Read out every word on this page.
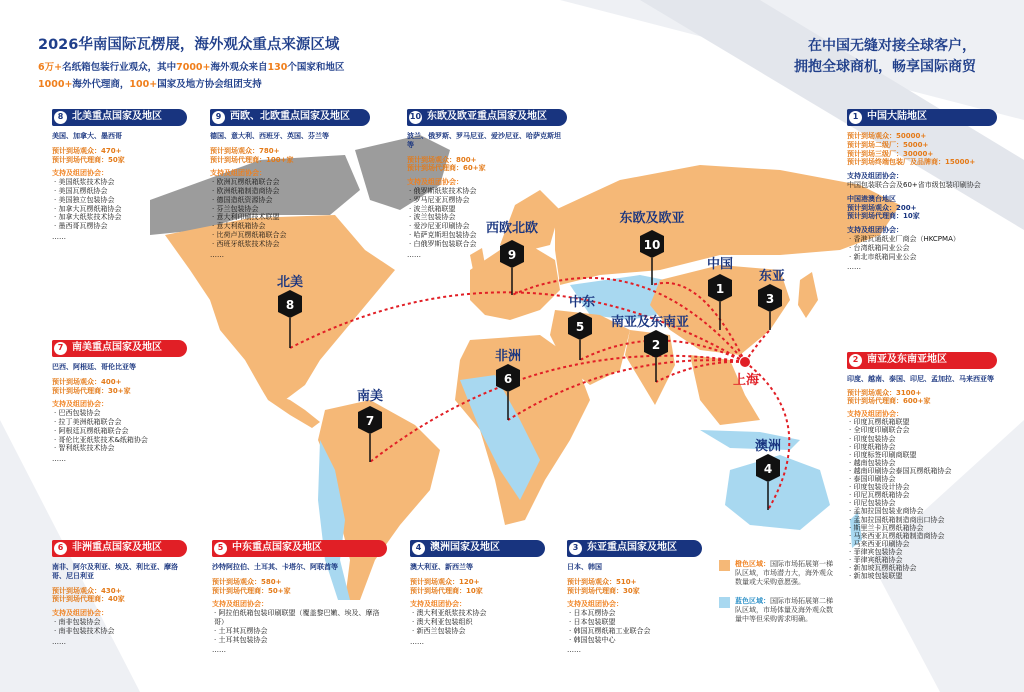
8
9
10
1
3
5
2
6
7
4
北美
西欧北欧
东欧及欧亚
中国
东亚
中东
南亚及东南亚
非洲
南美
澳洲
上海
2026华南国际瓦楞展，海外观众重点来源区域
6万+名纸箱包装行业观众，其中7000+海外观众来自130个国家和地区
1000+海外代理商，100+国家及地方协会组团支持
在中国无缝对接全球客户，
拥抱全球商机，畅享国际商贸
8 北美重点国家及地区
美国、加拿大、墨西哥
预计到场观众：470+
预计到场代理商：50家
支持及组团协会：
· 美国纸浆技术协会
· 美国瓦楞纸协会
· 美国独立包装协会
· 加拿大瓦楞纸箱协会
· 加拿大纸浆技术协会
· 墨西哥瓦楞协会
……
9 西欧、北欧重点国家及地区
德国、意大利、西班牙、英国、芬兰等
预计到场观众：780+
预计到场代理商：100+家
支持及组团协会：
· 欧洲瓦楞纸箱联合会
· 欧洲纸箱制造商协会
· 德国造纸资源协会
· 芬兰包装协会
· 意大利印刷技术联盟
· 意大利纸箱协会
· 比荷卢瓦楞纸箱联合会
· 西班牙纸浆技术协会
……
10 东欧及欧亚重点国家及地区
波兰、俄罗斯、罗马尼亚、爱沙尼亚、哈萨克斯坦等
预计到场观众：800+
预计到场代理商：60+家
支持及组团协会：
· 俄罗斯纸浆技术协会
· 罗马尼亚瓦楞协会
· 波兰纸箱联盟
· 波兰包装协会
· 爱沙尼亚印刷协会
· 哈萨克斯坦包装协会
· 白俄罗斯包装联合会
……
1 中国大陆地区
预计到场观众：50000+
预计到场二级厂：5000+
预计到场三级厂：30000+
预计到场终端包装厂及品牌商：15000+
支持及组团协会：
中国包装联合会及60+省市级包装印刷协会
中国港澳台地区
预计到场观众：200+
预计到场代理商：10家
支持及组团协会：
· 香港瓦通纸业厂商会（HKCPMA）
· 台湾纸箱同业公会
· 新北市纸箱同业公会
……
7 南美重点国家及地区
巴西、阿根廷、哥伦比亚等
预计到场观众：400+
预计到场代理商：30+家
支持及组团协会：
· 巴西包装协会
· 拉丁美洲纸箱联合会
· 阿根廷瓦楞纸箱联合会
· 哥伦比亚纸浆技术&纸箱协会
· 智利纸浆技术协会
……
2 南亚及东南亚地区
印度、越南、泰国、印尼、孟加拉、马来西亚等
预计到场观众：3100+
预计到场代理商：600+家
支持及组团协会：
· 印度瓦楞纸箱联盟
· 全印度印刷联合会
· 印度包装协会
· 印度纸箱协会
· 印度标签印刷商联盟
· 越南包装协会
· 越南印刷协会泰国瓦楞纸箱协会
· 泰国印刷协会
· 印度包装设计协会
· 印尼瓦楞纸箱协会
· 印尼包装协会
· 孟加拉国包装业商协会
· 孟加拉国纸箱制造商出口协会
· 斯里兰卡瓦楞纸箱协会
· 马来西亚瓦楞纸箱制造商协会
· 马来西亚印刷协会
· 菲律宾包装协会
· 菲律宾纸箱协会
· 新加坡瓦楞纸箱协会
· 新加坡包装联盟
6 非洲重点国家及地区
南非、阿尔及利亚、埃及、利比亚、摩洛哥、尼日利亚
预计到场观众：430+
预计到场代理商：40家
支持及组团协会：
· 南非包装协会
· 南非包装技术协会
……
5 中东重点国家及地区
沙特阿拉伯、土耳其、卡塔尔、阿联酋等
预计到场观众：580+
预计到场代理商：50+家
支持及组团协会：
· 阿拉伯纸箱包装印刷联盟（覆盖黎巴嫩、埃及、摩洛哥）
· 土耳其瓦楞协会
· 土耳其包装协会
……
4 澳洲国家及地区
澳大利亚、新西兰等
预计到场观众：120+
预计到场代理商：10家
支持及组团协会：
· 澳大利亚纸浆技术协会
· 澳大利亚包装组织
· 新西兰包装协会
……
3 东亚重点国家及地区
日本、韩国
预计到场观众：510+
预计到场代理商：30家
支持及组团协会：
· 日本瓦楞协会
· 日本包装联盟
· 韩国瓦楞纸箱工业联合会
· 韩国包装中心
……
橙色区域：国际市场拓展第一梯队区域，市场潜力大，海外观众数量或大采购意愿强。
蓝色区域：国际市场拓展第二梯队区域，市场体量及海外观众数量中等但采购需求明确。
